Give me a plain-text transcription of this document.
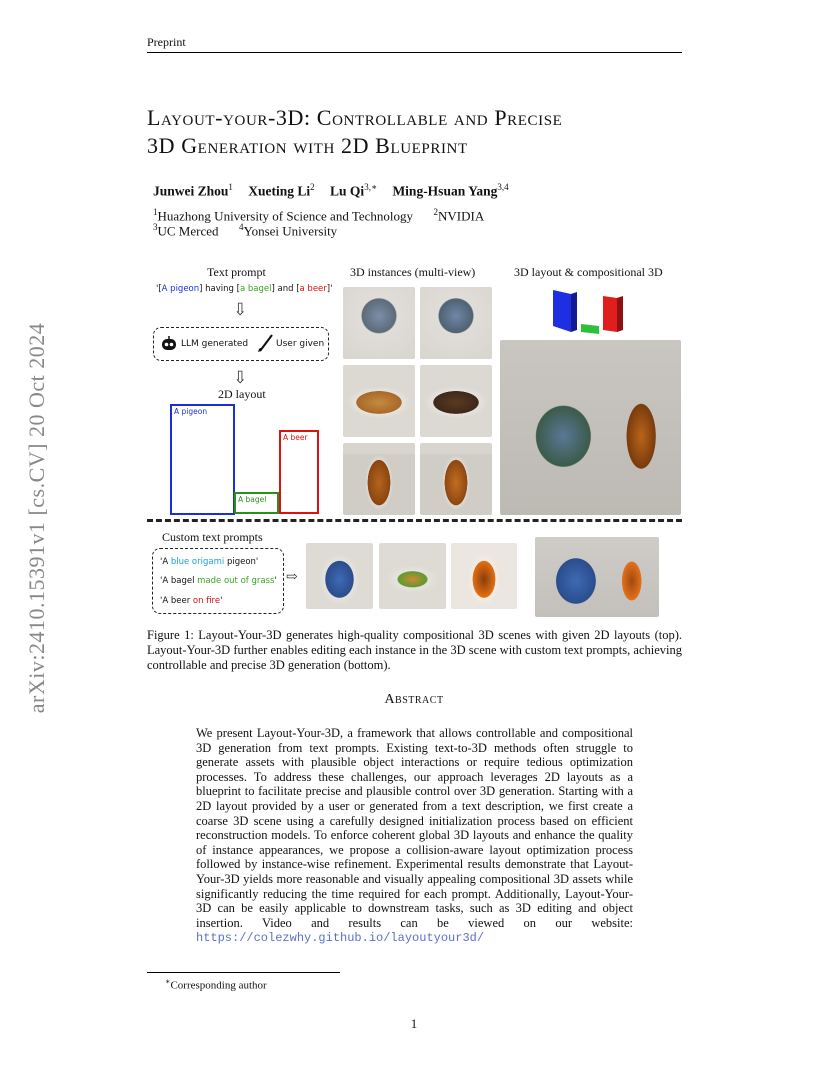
Preprint
arXiv:2410.15391v1 [cs.CV] 20 Oct 2024
Layout-your-3D: Controllable and Precise
3D Generation with 2D Blueprint
Junwei Zhou$^1$ Xueting Li$^2$ Lu $Qi^{3,∗}$ Ming-Hsuan Yang$^{3,4}$
$^1$Huazhong University of Science and Technology $^2$NVIDIA
$^3$UC Merced $^4$Yonsei University
Text prompt	3D instances (multi-view)	3D layout & compositional 3D
'[A pigeon] having [a bagel] and [a beer]'
⇩
LLM generated	User given
⇩
2D layout
A pigeon
A bagel
A beer
Custom text prompts
'A blue origami pigeon'
'A bagel made out of grass'
'A beer on fire'
⇨
Figure 1: Layout-Your-3D generates high-quality compositional 3D scenes with given 2D layouts (top). Layout-Your-3D further enables editing each instance in the 3D scene with custom text prompts, achieving controllable and precise 3D generation (bottom).
Abstract
We present Layout-Your-3D, a framework that allows controllable and compositional 3D generation from text prompts. Existing text-to-3D methods often struggle to generate assets with plausible object interactions or require tedious optimization processes. To address these challenges, our approach leverages 2D layouts as a blueprint to facilitate precise and plausible control over 3D generation. Starting with a 2D layout provided by a user or generated from a text description, we first create a coarse 3D scene using a carefully designed initialization process based on efficient reconstruction models. To enforce coherent global 3D layouts and enhance the quality of instance appearances, we propose a collision-aware layout optimization process followed by instance-wise refinement. Experimental results demonstrate that Layout-Your-3D yields more reasonable and visually appealing compositional 3D assets while significantly reducing the time required for each prompt. Additionally, Layout-Your-3D can be easily applicable to downstream tasks, such as 3D editing and object insertion. Video and results can be viewed on our website: https://colezwhy.github.io/layoutyour3d/
∗Corresponding author
1
